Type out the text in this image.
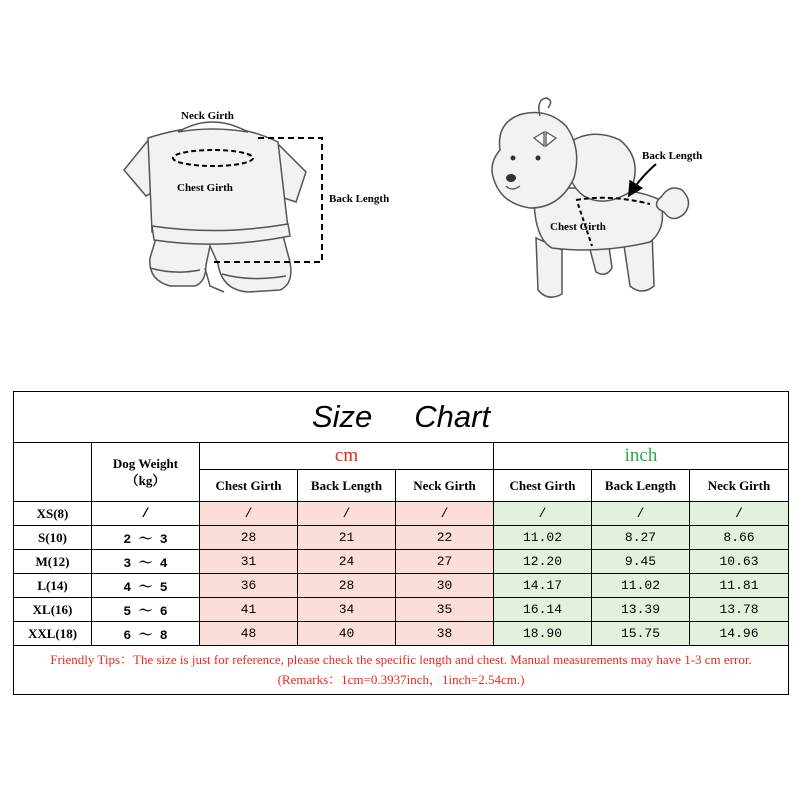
Neck Girth
Chest Girth
Back Length
Back Length
Chest Girth
Size Chart							
	Dog Weight
（kg）	cm			inch		
		Chest Girth	Back Length	Neck Girth	Chest Girth	Back Length	Neck Girth
XS(8)	/	/	/	/	/	/	/
S(10)	2 ～ 3	28	21	22	11.02	8.27	8.66
M(12)	3 ～ 4	31	24	27	12.20	9.45	10.63
L(14)	4 ～ 5	36	28	30	14.17	11.02	11.81
XL(16)	5 ～ 6	41	34	35	16.14	13.39	13.78
XXL(18)	6 ～ 8	48	40	38	18.90	15.75	14.96
Friendly Tips：The size is just for reference, please check the specific length and chest. Manual measurements may have 1-3 cm error. (Remarks：1cm=0.3937inch，1inch=2.54cm.)							
